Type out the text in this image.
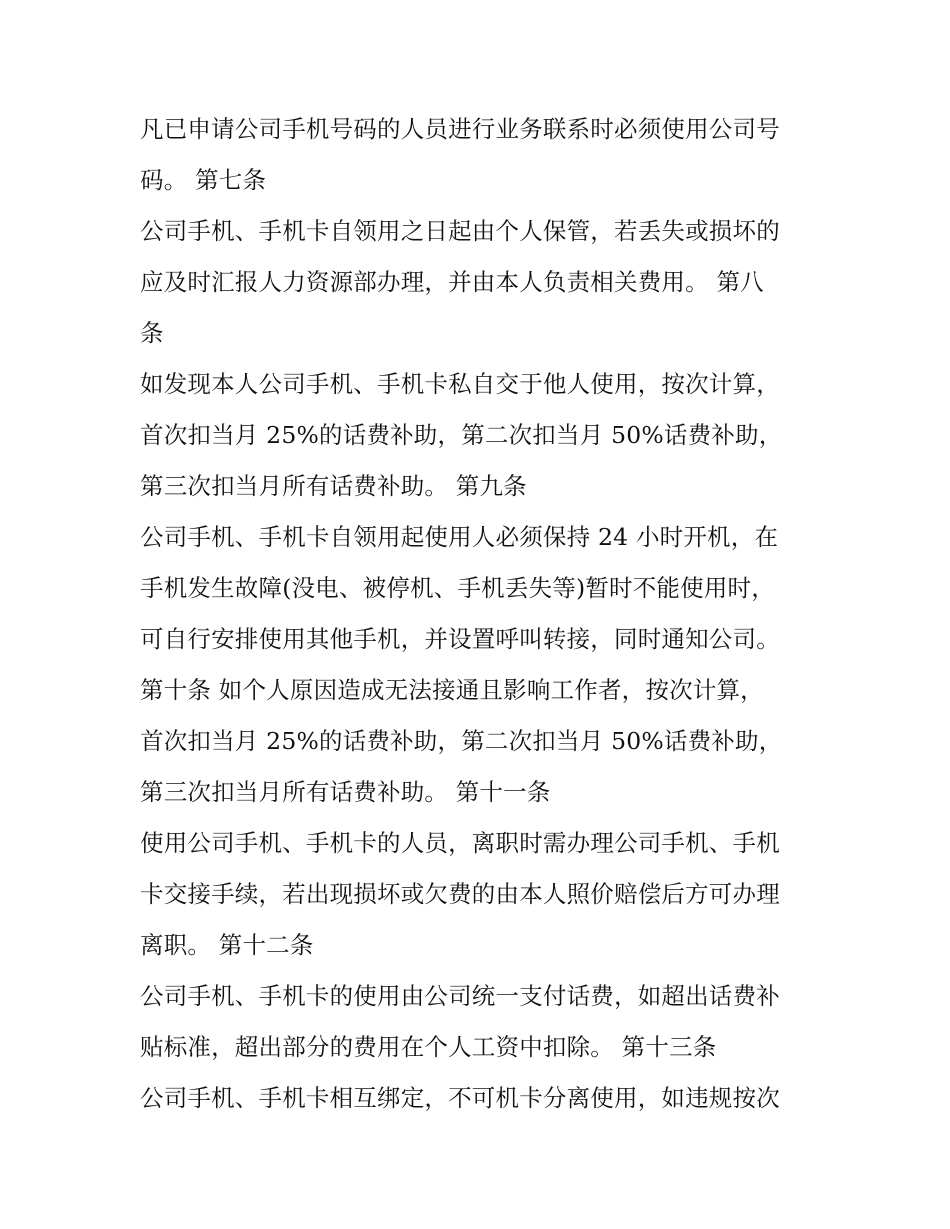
凡已申请公司手机号码的人员进行业务联系时必须使用公司号
码。 第七条
公司手机、手机卡自领用之日起由个人保管，若丢失或损坏的
应及时汇报人力资源部办理，并由本人负责相关费用。 第八
条
如发现本人公司手机、手机卡私自交于他人使用，按次计算，
首次扣当月 25%的话费补助，第二次扣当月 50%话费补助，
第三次扣当月所有话费补助。 第九条
公司手机、手机卡自领用起使用人必须保持 24 小时开机，在
手机发生故障(没电、被停机、手机丢失等)暂时不能使用时，
可自行安排使用其他手机，并设置呼叫转接，同时通知公司。
第十条 如个人原因造成无法接通且影响工作者，按次计算，
首次扣当月 25%的话费补助，第二次扣当月 50%话费补助，
第三次扣当月所有话费补助。 第十一条
使用公司手机、手机卡的人员，离职时需办理公司手机、手机
卡交接手续，若出现损坏或欠费的由本人照价赔偿后方可办理
离职。 第十二条
公司手机、手机卡的使用由公司统一支付话费，如超出话费补
贴标准，超出部分的费用在个人工资中扣除。 第十三条
公司手机、手机卡相互绑定，不可机卡分离使用，如违规按次
